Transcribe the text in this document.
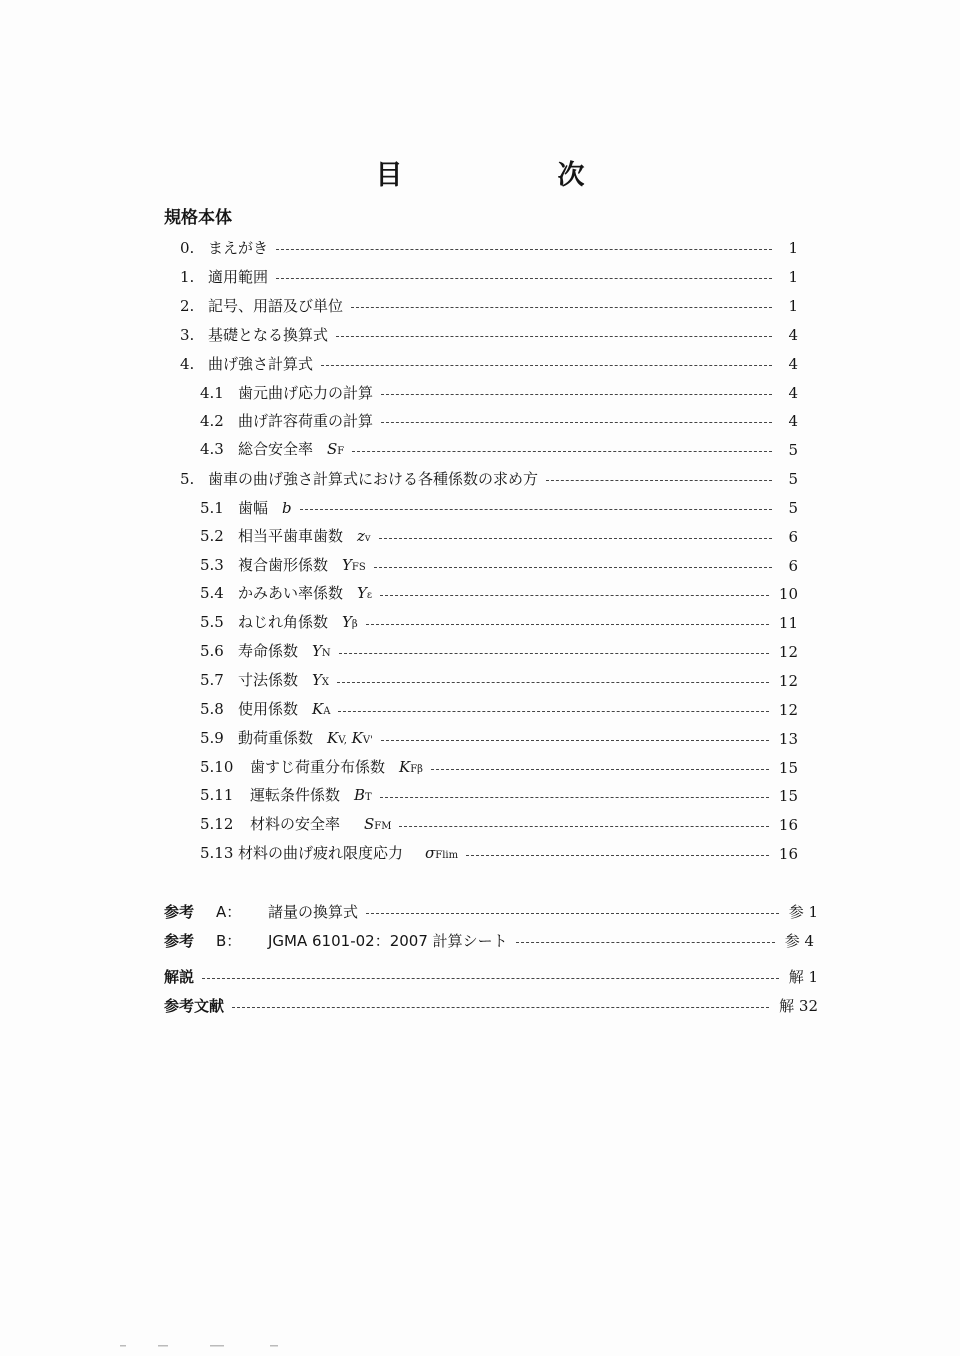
目　次
規格本体
0. まえがき	1
1. 適用範囲	1
2. 記号、用語及び単位	1
3. 基礎となる換算式	4
4. 曲げ強さ計算式	4
4.1 歯元曲げ応力の計算	4
4.2 曲げ許容荷重の計算	4
4.3 総合安全率 SF	5
5. 歯車の曲げ強さ計算式における各種係数の求め方	5
5.1 歯幅 b	5
5.2 相当平歯車歯数 zv	6
5.3 複合歯形係数 YFS	6
5.4 かみあい率係数 Yε	10
5.5 ねじれ角係数 Yβ	11
5.6 寿命係数 YN	12
5.7 寸法係数 YX	12
5.8 使用係数 KA	12
5.9 動荷重係数 KV, KV'	13
5.10	歯すじ荷重分布係数 KFβ	15
5.11	運転条件係数 BT	15
5.12	材料の安全率 SFM	16
5.13 材料の曲げ疲れ限度応力 σFlim	16
参考	A：	諸量の換算式	参 1
参考	B：	JGMA 6101-02：2007 計算シート	参 4
解説	解 1
参考文献	解 32
